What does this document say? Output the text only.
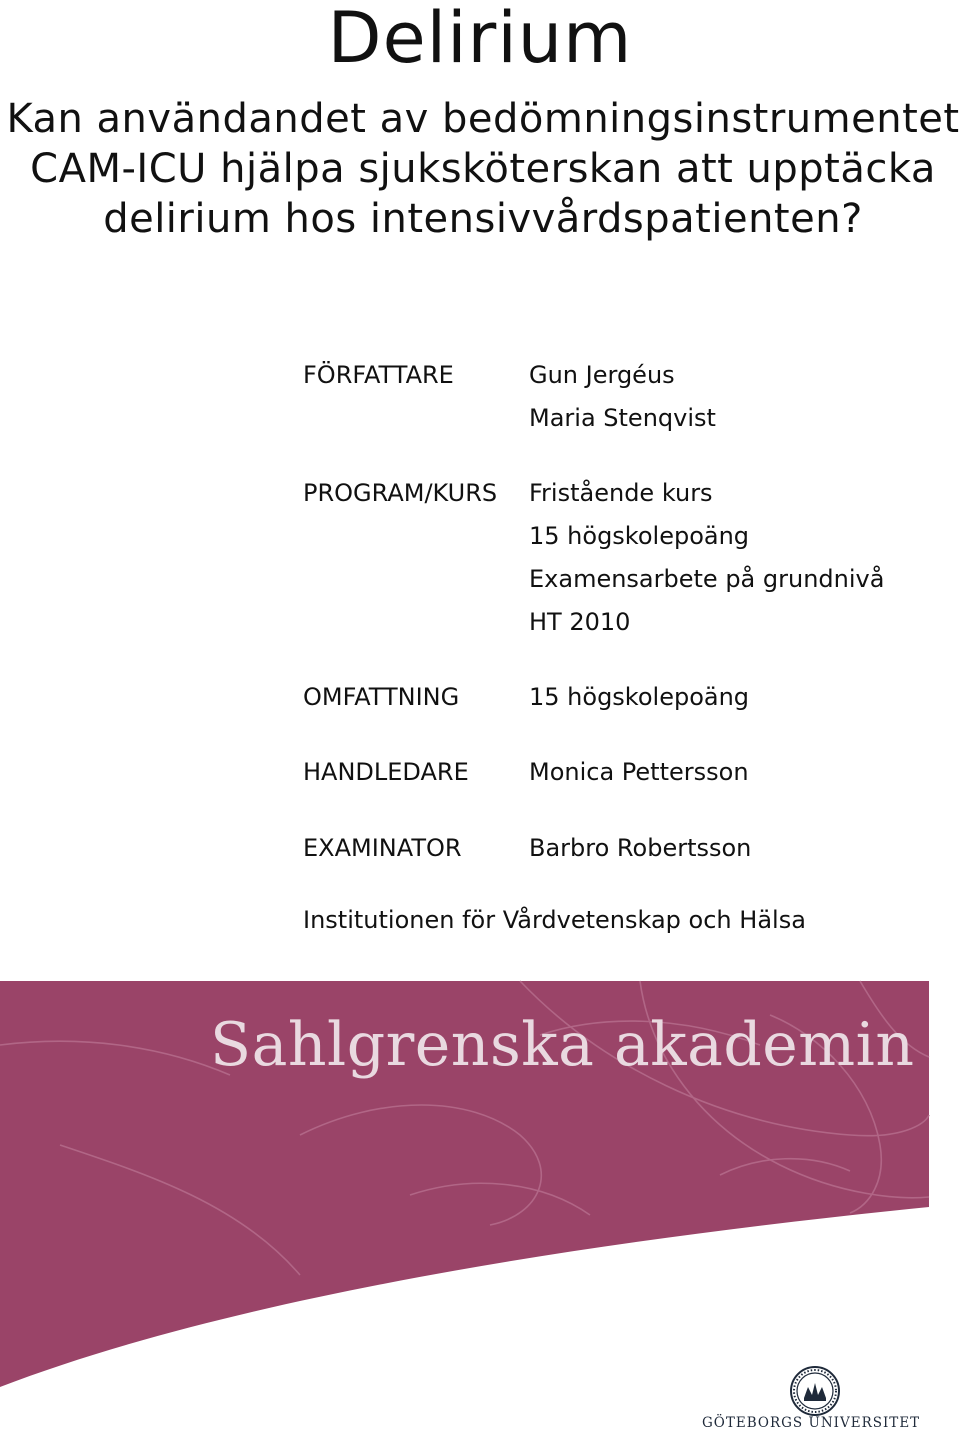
Delirium
Kan användandet av bedömningsinstrumentet
CAM-ICU hjälpa sjuksköterskan att upptäcka
delirium hos intensivvårdspatienten?
FÖRFATTARE	Gun Jergéus
Maria Stenqvist
PROGRAM/KURS Fristående kurs
15 högskolepoäng
Examensarbete på grundnivå
HT 2010
OMFATTNING	15 högskolepoäng
HANDLEDARE	Monica Pettersson
EXAMINATOR	Barbro Robertsson
Institutionen för Vårdvetenskap och Hälsa
Sahlgrenska akademin
GÖTEBORGS UNIVERSITET
